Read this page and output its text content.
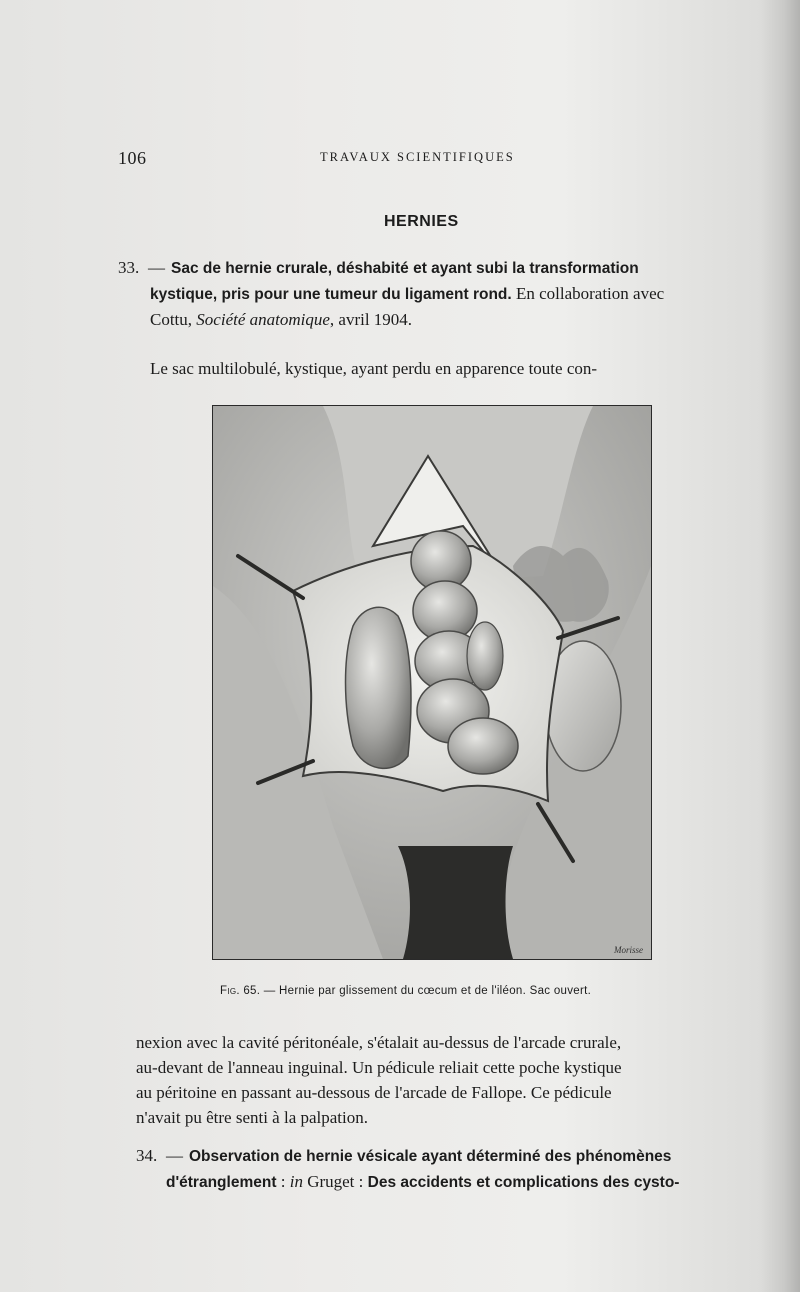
106	TRAVAUX SCIENTIFIQUES
HERNIES
33. — Sac de hernie crurale, déshabité et ayant subi la transformation
kystique, pris pour une tumeur du ligament rond. En collaboration avec
Cottu, Société anatomique, avril 1904.
Le sac multilobulé, kystique, ayant perdu en apparence toute con-
Morisse
Fig. 65. — Hernie par glissement du cœcum et de l'iléon. Sac ouvert.
nexion avec la cavité péritonéale, s'étalait au-dessus de l'arcade crurale,
au-devant de l'anneau inguinal. Un pédicule reliait cette poche kystique
au péritoine en passant au-dessous de l'arcade de Fallope. Ce pédicule
n'avait pu être senti à la palpation.
34. — Observation de hernie vésicale ayant déterminé des phénomènes
d'étranglement : in Gruget : Des accidents et complications des cysto-
